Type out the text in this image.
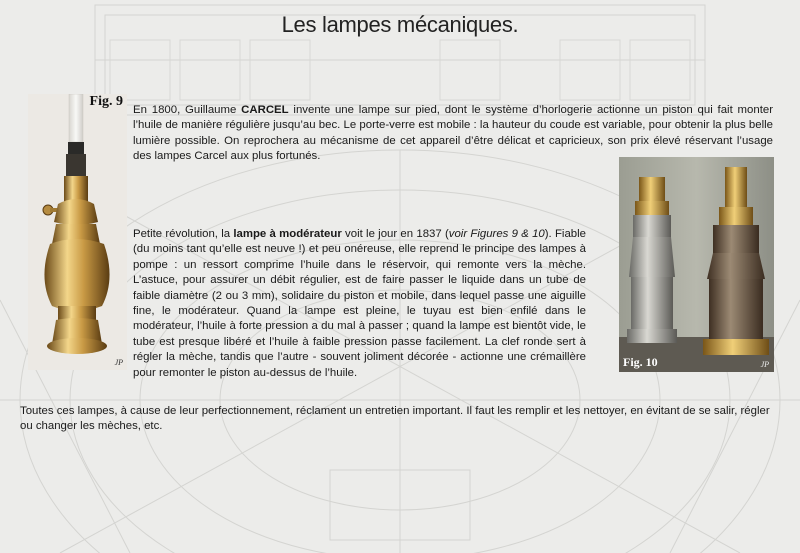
Les lampes mécaniques.
Fig. 9
JP	Fig. 10	JP
En 1800, Guillaume CARCEL invente une lampe sur pied, dont le système d’horlogerie actionne un piston qui fait monter l’huile de manière régulière jusqu’au bec. Le porte-verre est mobile : la hauteur du coude est variable, pour obtenir la plus belle lumière possible. On reprochera au mécanisme de cet appareil d’être délicat et capricieux, son prix élevé réservant l’usage des lampes Carcel aux plus fortunés.
Petite révolution, la lampe à modérateur voit le jour en 1837 (voir Figures 9 & 10). Fiable (du moins tant qu’elle est neuve !) et peu onéreuse, elle reprend le principe des lampes à pompe : un ressort comprime l’huile dans le réservoir, qui remonte vers la mèche. L’astuce, pour assurer un débit régulier, est de faire passer le liquide dans un tube de faible diamètre (2 ou 3 mm), solidaire du piston et mobile, dans lequel passe une aiguille fine, le modérateur. Quand la lampe est pleine, le tuyau est bien enfilé dans le modérateur, l’huile à forte pression a du mal à passer ; quand la lampe est bientôt vide, le tube est presque libéré et l’huile à faible pression passe facilement. La clef ronde sert à régler la mèche, tandis que l’autre - souvent joliment décorée - actionne une crémaillère pour remonter le piston au-dessus de l’huile.
Toutes ces lampes, à cause de leur perfectionnement, réclament un entretien important. Il faut les remplir et les nettoyer, en évitant de se salir, régler ou changer les mèches, etc.
